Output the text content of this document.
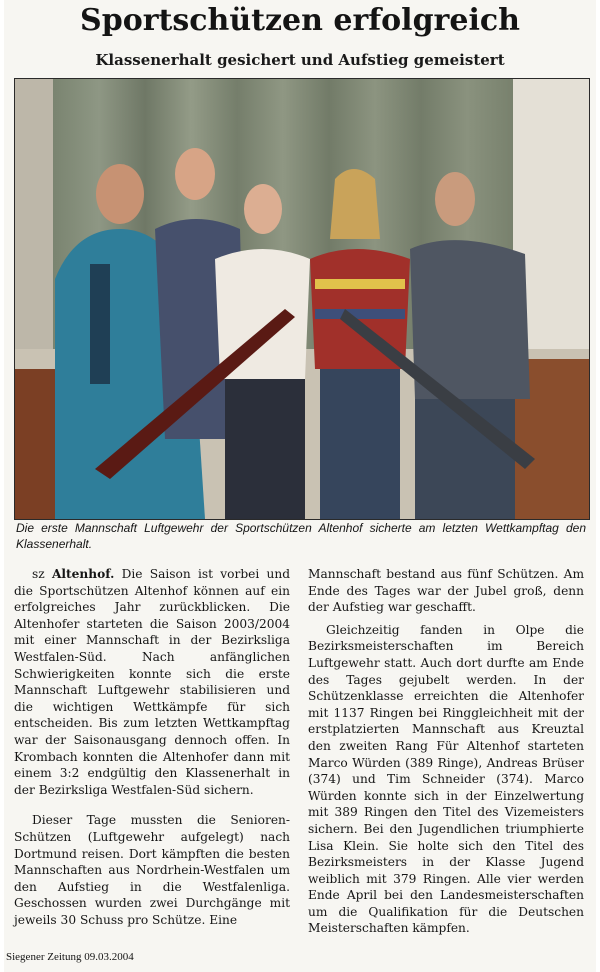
Sportschützen erfolgreich
Klassenerhalt gesichert und Aufstieg gemeistert
Die erste Mannschaft Luftgewehr der Sportschützen Altenhof sicherte am letzten Wettkampftag den Klassenerhalt.

sz Altenhof. Die Saison ist vorbei und die Sportschützen Altenhof können auf ein erfolgreiches Jahr zurückblicken. Die Altenhofer starteten die Saison 2003/2004 mit einer Mannschaft in der Bezirksliga Westfalen-Süd. Nach anfänglichen Schwierigkeiten konnte sich die erste Mannschaft Luftgewehr stabilisieren und die wichtigen Wettkämpfe für sich entscheiden. Bis zum letzten Wettkampftag war der Saisonausgang dennoch offen. In Krombach konnten die Altenhofer dann mit einem 3:2 endgültig den Klassenerhalt in der Bezirksliga Westfalen-Süd sichern.

Dieser Tage mussten die Senioren-Schützen (Luftgewehr aufgelegt) nach Dortmund reisen. Dort kämpften die besten Mannschaften aus Nordrhein-Westfalen um den Aufstieg in die Westfalenliga. Geschossen wurden zwei Durchgänge mit jeweils 30 Schuss pro Schütze. Eine

Mannschaft bestand aus fünf Schützen. Am Ende des Tages war der Jubel groß, denn der Aufstieg war geschafft.

Gleichzeitig fanden in Olpe die Bezirksmeisterschaften im Bereich Luftgewehr statt. Auch dort durfte am Ende des Tages gejubelt werden. In der Schützenklasse erreichten die Altenhofer mit 1137 Ringen bei Ringgleichheit mit der erstplatzierten Mannschaft aus Kreuztal den zweiten Rang Für Altenhof starteten Marco Würden (389 Ringe), Andreas Brüser (374) und Tim Schneider (374). Marco Würden konnte sich in der Einzelwertung mit 389 Ringen den Titel des Vizemeisters sichern. Bei den Jugendlichen triumphierte Lisa Klein. Sie holte sich den Titel des Bezirksmeisters in der Klasse Jugend weiblich mit 379 Ringen. Alle vier werden Ende April bei den Landesmeisterschaften um die Qualifikation für die Deutschen Meisterschaften kämpfen.

Siegener Zeitung 09.03.2004
